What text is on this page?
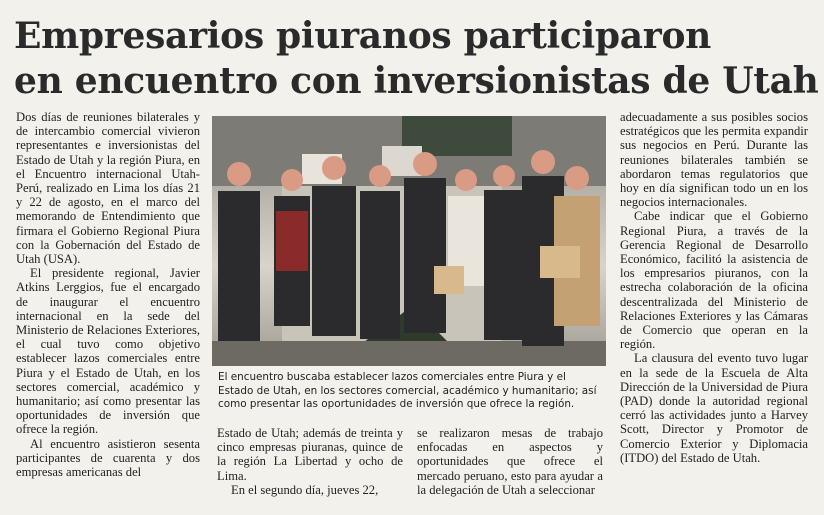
Empresarios piuranos participaron
en encuentro con inversionistas de Utah

Dos días de reuniones bilaterales y de intercambio comercial vivieron representantes e inversionistas del Estado de Utah y la región Piura, en el Encuentro internacional Utah-Perú, realizado en Lima los días 21 y 22 de agosto, en el marco del memorando de Entendimiento que firmara el Gobierno Regional Piura con la Gobernación del Estado de Utah (USA).

El presidente regional, Javier Atkins Lerggios, fue el encargado de inaugurar el encuentro internacional en la sede del Ministerio de Relaciones Exteriores, el cual tuvo como objetivo establecer lazos comerciales entre Piura y el Estado de Utah, en los sectores comercial, académico y humanitario; así como presentar las oportunidades de inversión que ofrece la región.

Al encuentro asistieron sesenta participantes de cuarenta y dos empresas americanas del

El encuentro buscaba establecer lazos comerciales entre Piura y el Estado de Utah, en los sectores comercial, académico y humanitario; así como presentar las oportunidades de inversión que ofrece la región.

Estado de Utah; además de treinta y cinco empresas piuranas, quince de la región La Libertad y ocho de Lima.

En el segundo día, jueves 22,

se realizaron mesas de trabajo enfocadas en aspectos y oportunidades que ofrece el mercado peruano, esto para ayudar a la delegación de Utah a seleccionar

adecuadamente a sus posibles socios estratégicos que les permita expandir sus negocios en Perú. Durante las reuniones bilaterales también se abordaron temas regulatorios que hoy en día significan todo un en los negocios internacionales.

Cabe indicar que el Gobierno Regional Piura, a través de la Gerencia Regional de Desarrollo Económico, facilitó la asistencia de los empresarios piuranos, con la estrecha colaboración de la oficina descentralizada del Ministerio de Relaciones Exteriores y las Cámaras de Comercio que operan en la región.

La clausura del evento tuvo lugar en la sede de la Escuela de Alta Dirección de la Universidad de Piura (PAD) donde la autoridad regional cerró las actividades junto a Harvey Scott, Director y Promotor de Comercio Exterior y Diplomacia (ITDO) del Estado de Utah.
